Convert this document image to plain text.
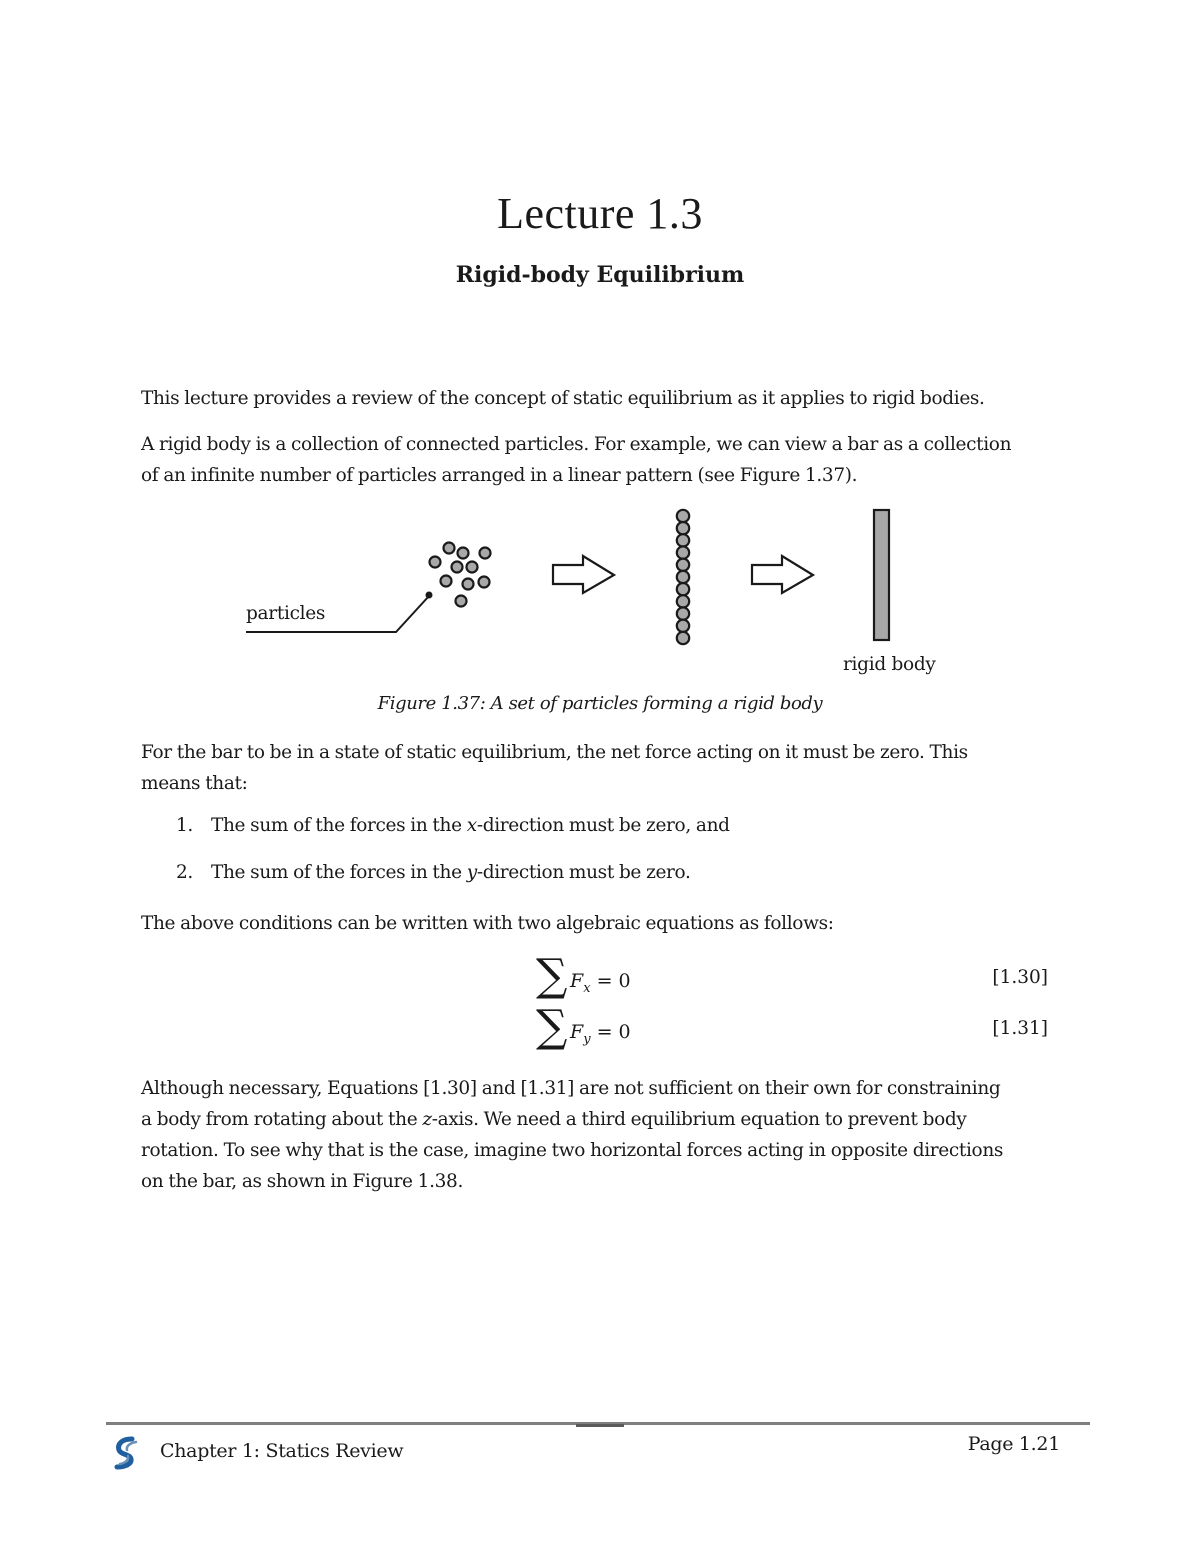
Lecture 1.3
Rigid-body Equilibrium

This lecture provides a review of the concept of static equilibrium as it applies to rigid bodies.

A rigid body is a collection of connected particles. For example, we can view a bar as a collection

of an infinite number of particles arranged in a linear pattern (see Figure 1.37).

particles
rigid body
Figure 1.37: A set of particles forming a rigid body

For the bar to be in a state of static equilibrium, the net force acting on it must be zero. This

means that:

1. The sum of the forces in the x-direction must be zero, and
2. The sum of the forces in the y-direction must be zero.

The above conditions can be written with two algebraic equations as follows:

∑ $F_x = 0$	[1.30]
∑ $F_y = 0$	[1.31]

Although necessary, Equations [1.30] and [1.31] are not sufficient on their own for constraining

a body from rotating about the z-axis. We need a third equilibrium equation to prevent body

rotation. To see why that is the case, imagine two horizontal forces acting in opposite directions

on the bar, as shown in Figure 1.38.

Chapter 1: Statics Review	Page 1.21
